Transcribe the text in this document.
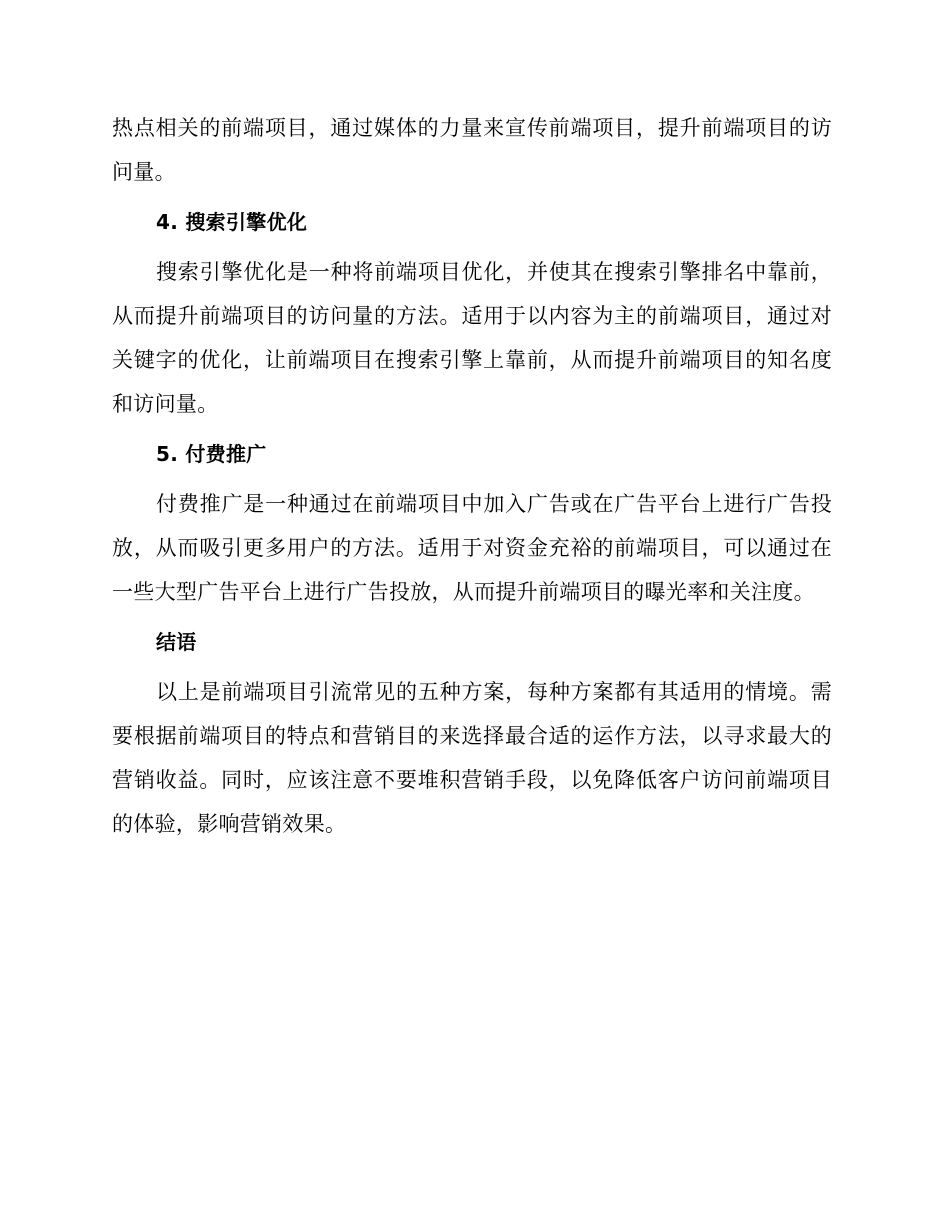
热点相关的前端项目，通过媒体的力量来宣传前端项目，提升前端项目的访问量。

4. 搜索引擎优化

搜索引擎优化是一种将前端项目优化，并使其在搜索引擎排名中靠前，从而提升前端项目的访问量的方法。适用于以内容为主的前端项目，通过对关键字的优化，让前端项目在搜索引擎上靠前，从而提升前端项目的知名度和访问量。

5. 付费推广

付费推广是一种通过在前端项目中加入广告或在广告平台上进行广告投放，从而吸引更多用户的方法。适用于对资金充裕的前端项目，可以通过在一些大型广告平台上进行广告投放，从而提升前端项目的曝光率和关注度。

结语

以上是前端项目引流常见的五种方案，每种方案都有其适用的情境。需要根据前端项目的特点和营销目的来选择最合适的运作方法，以寻求最大的营销收益。同时，应该注意不要堆积营销手段，以免降低客户访问前端项目的体验，影响营销效果。
